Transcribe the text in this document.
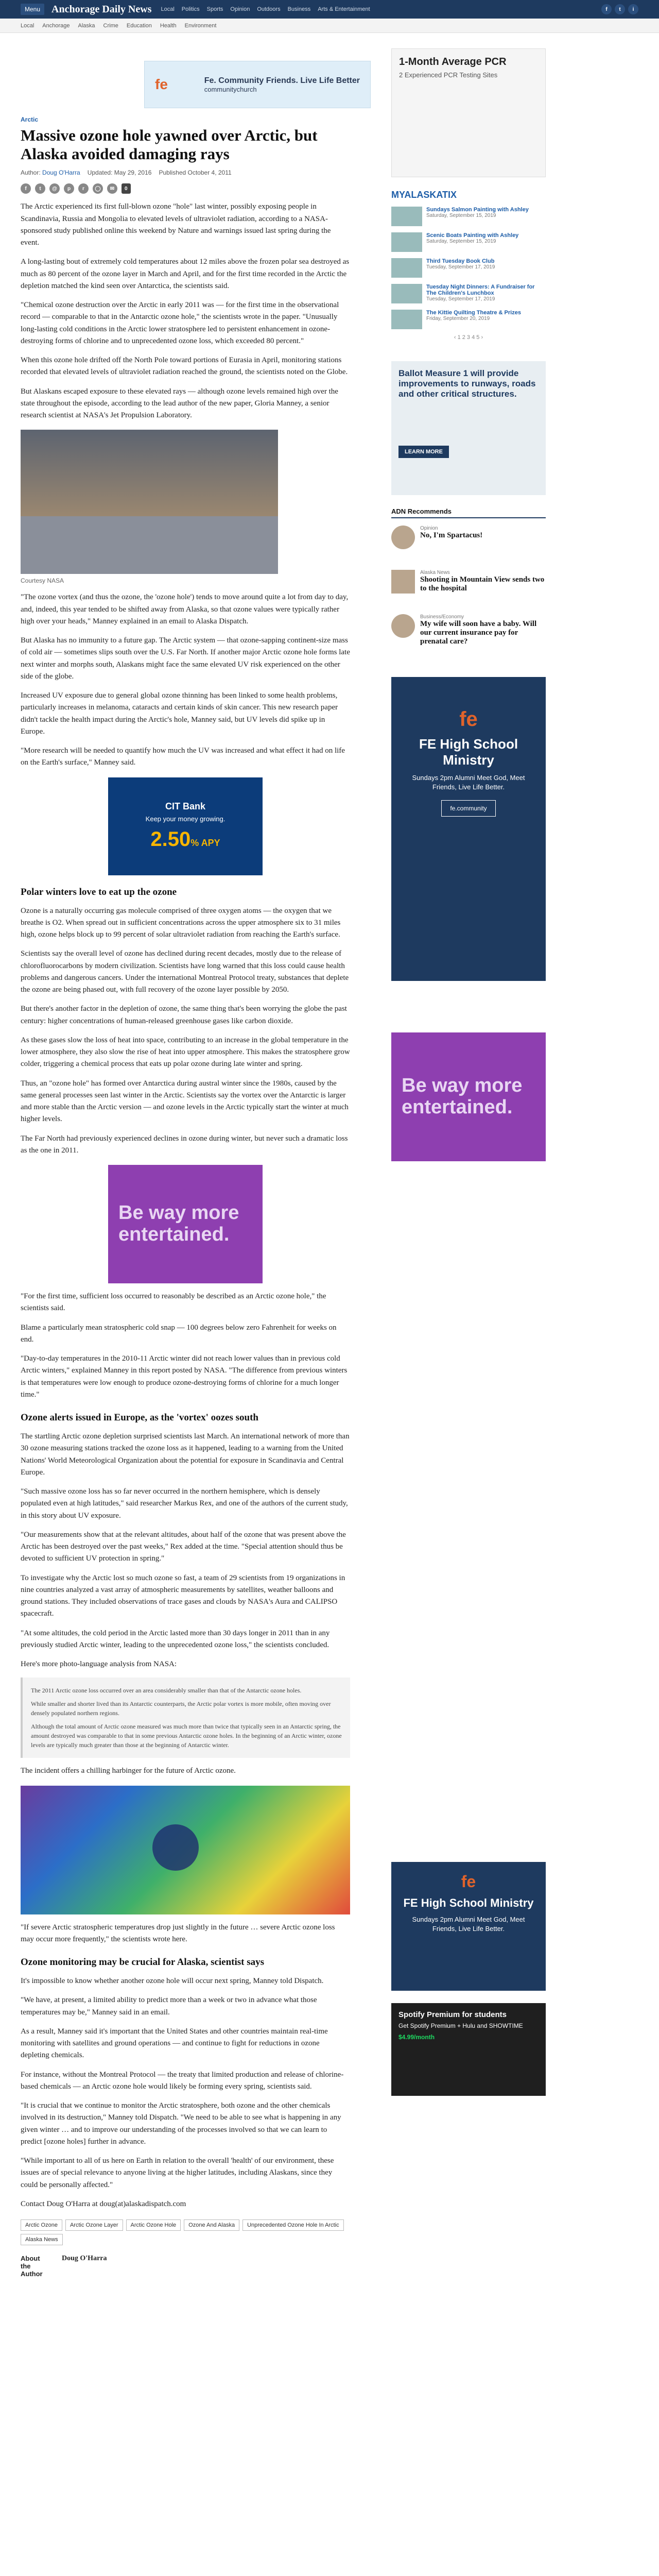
Menu	Anchorage Daily News Local Politics Sports Opinion Outdoors Business Arts & Entertainment	f	t	i
Local Anchorage Alaska Crime Education Health Environment
fe	Fe. Community Friends. Live Life Better
communitychurch
Arctic
Massive ozone hole yawned over Arctic, but Alaska avoided damaging rays
Author: Doug O'Harra Updated: May 29, 2016 Published October 4, 2011
f	t	@	p	r	◯	✉	0

The Arctic experienced its first full-blown ozone "hole" last winter, possibly exposing people in Scandinavia, Russia and Mongolia to elevated levels of ultraviolet radiation, according to a NASA-sponsored study published online this weekend by Nature and warnings issued last spring during the event.

A long-lasting bout of extremely cold temperatures about 12 miles above the frozen polar sea destroyed as much as 80 percent of the ozone layer in March and April, and for the first time recorded in the Arctic the depletion matched the kind seen over Antarctica, the scientists said.

"Chemical ozone destruction over the Arctic in early 2011 was — for the first time in the observational record — comparable to that in the Antarctic ozone hole," the scientists wrote in the paper. "Unusually long-lasting cold conditions in the Arctic lower stratosphere led to persistent enhancement in ozone-destroying forms of chlorine and to unprecedented ozone loss, which exceeded 80 percent."

When this ozone hole drifted off the North Pole toward portions of Eurasia in April, monitoring stations recorded that elevated levels of ultraviolet radiation reached the ground, the scientists noted on the Globe.

But Alaskans escaped exposure to these elevated rays — although ozone levels remained high over the state throughout the episode, according to the lead author of the new paper, Gloria Manney, a senior research scientist at NASA's Jet Propulsion Laboratory.

Courtesy NASA

"The ozone vortex (and thus the ozone, the 'ozone hole') tends to move around quite a lot from day to day, and, indeed, this year tended to be shifted away from Alaska, so that ozone values were typically rather high over your heads," Manney explained in an email to Alaska Dispatch.

But Alaska has no immunity to a future gap. The Arctic system — that ozone-sapping continent-size mass of cold air — sometimes slips south over the U.S. Far North. If another major Arctic ozone hole forms late next winter and morphs south, Alaskans might face the same elevated UV risk experienced on the other side of the globe.

Increased UV exposure due to general global ozone thinning has been linked to some health problems, particularly increases in melanoma, cataracts and certain kinds of skin cancer. This new research paper didn't tackle the health impact during the Arctic's hole, Manney said, but UV levels did spike up in Europe.

"More research will be needed to quantify how much the UV was increased and what effect it had on life on the Earth's surface," Manney said.

CIT Bank
Keep your money growing.
2.50% APY
Polar winters love to eat up the ozone

Ozone is a naturally occurring gas molecule comprised of three oxygen atoms — the oxygen that we breathe is O2. When spread out in sufficient concentrations across the upper atmosphere six to 31 miles high, ozone helps block up to 99 percent of solar ultraviolet radiation from reaching the Earth's surface.

Scientists say the overall level of ozone has declined during recent decades, mostly due to the release of chlorofluorocarbons by modern civilization. Scientists have long warned that this loss could cause health problems and dangerous cancers. Under the international Montreal Protocol treaty, substances that deplete the ozone are being phased out, with full recovery of the ozone layer possible by 2050.

But there's another factor in the depletion of ozone, the same thing that's been worrying the globe the past century: higher concentrations of human-released greenhouse gases like carbon dioxide.

As these gases slow the loss of heat into space, contributing to an increase in the global temperature in the lower atmosphere, they also slow the rise of heat into upper atmosphere. This makes the stratosphere grow colder, triggering a chemical process that eats up polar ozone during late winter and spring.

Thus, an "ozone hole" has formed over Antarctica during austral winter since the 1980s, caused by the same general processes seen last winter in the Arctic. Scientists say the vortex over the Antarctic is larger and more stable than the Arctic version — and ozone levels in the Arctic typically start the winter at much higher levels.

The Far North had previously experienced declines in ozone during winter, but never such a dramatic loss as the one in 2011.

Be way more entertained.

"For the first time, sufficient loss occurred to reasonably be described as an Arctic ozone hole," the scientists said.

Blame a particularly mean stratospheric cold snap — 100 degrees below zero Fahrenheit for weeks on end.

"Day-to-day temperatures in the 2010-11 Arctic winter did not reach lower values than in previous cold Arctic winters," explained Manney in this report posted by NASA. "The difference from previous winters is that temperatures were low enough to produce ozone-destroying forms of chlorine for a much longer time."

Ozone alerts issued in Europe, as the 'vortex' oozes south

The startling Arctic ozone depletion surprised scientists last March. An international network of more than 30 ozone measuring stations tracked the ozone loss as it happened, leading to a warning from the United Nations' World Meteorological Organization about the potential for exposure in Scandinavia and Central Europe.

"Such massive ozone loss has so far never occurred in the northern hemisphere, which is densely populated even at high latitudes," said researcher Markus Rex, and one of the authors of the current study, in this story about UV exposure.

"Our measurements show that at the relevant altitudes, about half of the ozone that was present above the Arctic has been destroyed over the past weeks," Rex added at the time. "Special attention should thus be devoted to sufficient UV protection in spring."

To investigate why the Arctic lost so much ozone so fast, a team of 29 scientists from 19 organizations in nine countries analyzed a vast array of atmospheric measurements by satellites, weather balloons and ground stations. They included observations of trace gases and clouds by NASA's Aura and CALIPSO spacecraft.

"At some altitudes, the cold period in the Arctic lasted more than 30 days longer in 2011 than in any previously studied Arctic winter, leading to the unprecedented ozone loss," the scientists concluded.

Here's more photo-language analysis from NASA:

The 2011 Arctic ozone loss occurred over an area considerably smaller than that of the Antarctic ozone holes.

While smaller and shorter lived than its Antarctic counterparts, the Arctic polar vortex is more mobile, often moving over densely populated northern regions.

Although the total amount of Arctic ozone measured was much more than twice that typically seen in an Antarctic spring, the amount destroyed was comparable to that in some previous Antarctic ozone holes. In the beginning of an Arctic winter, ozone levels are typically much greater than those at the beginning of Antarctic winter.

The incident offers a chilling harbinger for the future of Arctic ozone.

"If severe Arctic stratospheric temperatures drop just slightly in the future … severe Arctic ozone loss may occur more frequently," the scientists wrote here.

Ozone monitoring may be crucial for Alaska, scientist says

It's impossible to know whether another ozone hole will occur next spring, Manney told Dispatch.

"We have, at present, a limited ability to predict more than a week or two in advance what those temperatures may be," Manney said in an email.

As a result, Manney said it's important that the United States and other countries maintain real-time monitoring with satellites and ground operations — and continue to fight for reductions in ozone depleting chemicals.

For instance, without the Montreal Protocol — the treaty that limited production and release of chlorine-based chemicals — an Arctic ozone hole would likely be forming every spring, scientists said.

"It is crucial that we continue to monitor the Arctic stratosphere, both ozone and the other chemicals involved in its destruction," Manney told Dispatch. "We need to be able to see what is happening in any given winter … and to improve our understanding of the processes involved so that we can learn to predict [ozone holes] further in advance.

"While important to all of us here on Earth in relation to the overall 'health' of our environment, these issues are of special relevance to anyone living at the higher latitudes, including Alaskans, since they could be personally affected."

Contact Doug O'Harra at doug(at)alaskadispatch.com

Arctic Ozone	Arctic Ozone Layer	Arctic Ozone Hole	Ozone And Alaska	Unprecedented Ozone Hole In Arctic
Alaska News
About the Author
Doug O'Harra
1-Month Average PCR
2 Experienced PCR Testing Sites
MYALASKATIX
Sundays Salmon Painting with Ashley
Saturday, September 15, 2019
Scenic Boats Painting with Ashley
Saturday, September 15, 2019
Third Tuesday Book Club
Tuesday, September 17, 2019
Tuesday Night Dinners: A Fundraiser for The Children's Lunchbox
Tuesday, September 17, 2019
The Kittie Quilting Theatre & Prizes
Friday, September 20, 2019
‹ 1 2 3 4 5 ›
Ballot Measure 1 will provide improvements to runways, roads and other critical structures.
LEARN MORE
ADN Recommends
Opinion
No, I'm Spartacus!
Alaska News
Shooting in Mountain View sends two to the hospital
Business/Economy
My wife will soon have a baby. Will our current insurance pay for prenatal care?
fe
FE High School Ministry
Sundays 2pm Alumni Meet God, Meet Friends, Live Life Better.
fe.community
Be way more entertained.
fe
FE High School Ministry
Sundays 2pm Alumni Meet God, Meet Friends, Live Life Better.
Spotify Premium for students
Get Spotify Premium + Hulu and SHOWTIME
$4.99/month
